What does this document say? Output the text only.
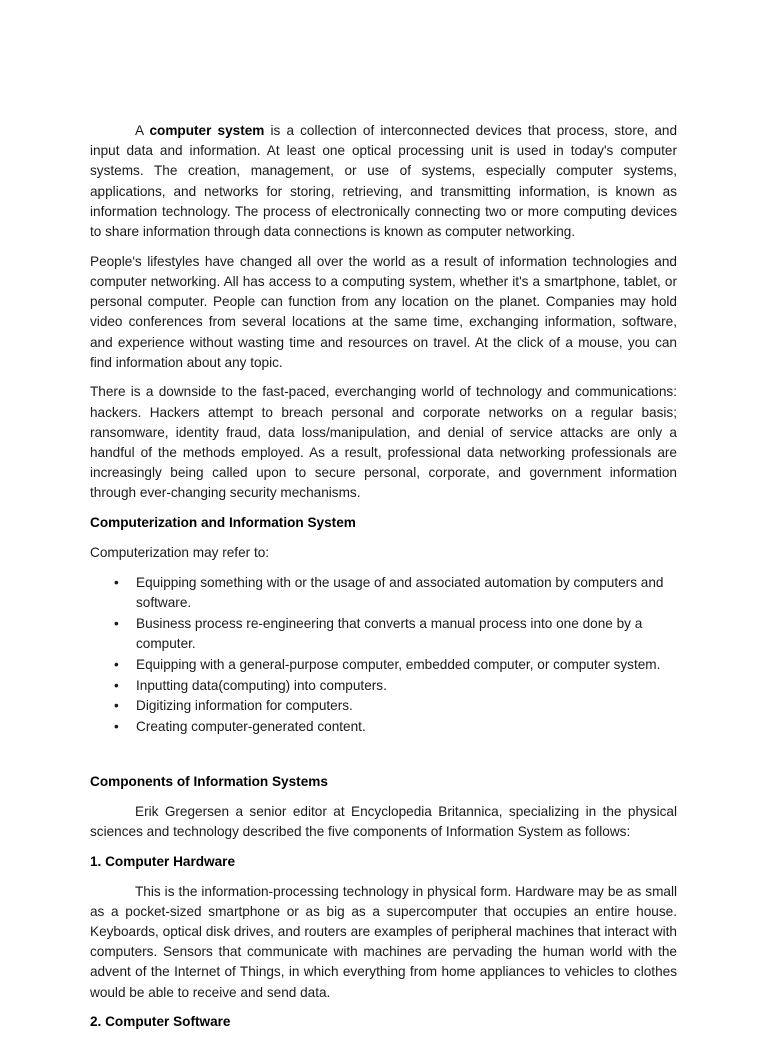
A computer system is a collection of interconnected devices that process, store, and input data and information. At least one optical processing unit is used in today's computer systems. The creation, management, or use of systems, especially computer systems, applications, and networks for storing, retrieving, and transmitting information, is known as information technology. The process of electronically connecting two or more computing devices to share information through data connections is known as computer networking.

People's lifestyles have changed all over the world as a result of information technologies and computer networking. All has access to a computing system, whether it's a smartphone, tablet, or personal computer. People can function from any location on the planet. Companies may hold video conferences from several locations at the same time, exchanging information, software, and experience without wasting time and resources on travel. At the click of a mouse, you can find information about any topic.

There is a downside to the fast-paced, everchanging world of technology and communications: hackers. Hackers attempt to breach personal and corporate networks on a regular basis; ransomware, identity fraud, data loss/manipulation, and denial of service attacks are only a handful of the methods employed. As a result, professional data networking professionals are increasingly being called upon to secure personal, corporate, and government information through ever-changing security mechanisms.

Computerization and Information System

Computerization may refer to:

• Equipping something with or the usage of and associated automation by computers and software.
• Business process re-engineering that converts a manual process into one done by a computer.
• Equipping with a general-purpose computer, embedded computer, or computer system.
• Inputting data(computing) into computers.
• Digitizing information for computers.
• Creating computer-generated content.
Components of Information Systems

Erik Gregersen a senior editor at Encyclopedia Britannica, specializing in the physical sciences and technology described the five components of Information System as follows:

1. Computer Hardware

This is the information-processing technology in physical form. Hardware may be as small as a pocket-sized smartphone or as big as a supercomputer that occupies an entire house. Keyboards, optical disk drives, and routers are examples of peripheral machines that interact with computers. Sensors that communicate with machines are pervading the human world with the advent of the Internet of Things, in which everything from home appliances to vehicles to clothes would be able to receive and send data.

2. Computer Software
